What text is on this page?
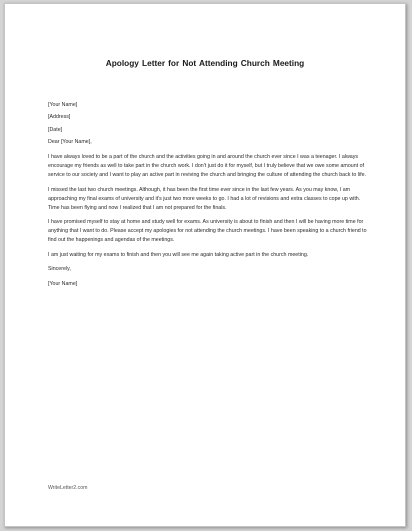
Apology Letter for Not Attending Church Meeting

[Your Name]

[Address]

[Date]

Dear [Your Name],

I have always loved to be a part of the church and the activities going in and around the church ever since I was a teenager. I always encourage my friends as well to take part in the church work. I don't just do it for myself, but I truly believe that we owe some amount of service to our society and I want to play an active part in reviving the church and bringing the culture of attending the church back to life.

I missed the last two church meetings. Although, it has been the first time ever since in the last few years. As you may know, I am approaching my final exams of university and it's just two more weeks to go. I had a lot of revisions and extra classes to cope up with. Time has been flying and now I realized that I am not prepared for the finals.

I have promised myself to stay at home and study well for exams. As university is about to finish and then I will be having more time for anything that I want to do. Please accept my apologies for not attending the church meetings. I have been speaking to a church friend to find out the happenings and agendas of the meetings.

I am just waiting for my exams to finish and then you will see me again taking active part in the church meeting.

Sincerely,

[Your Name]

WriteLetter2.com
